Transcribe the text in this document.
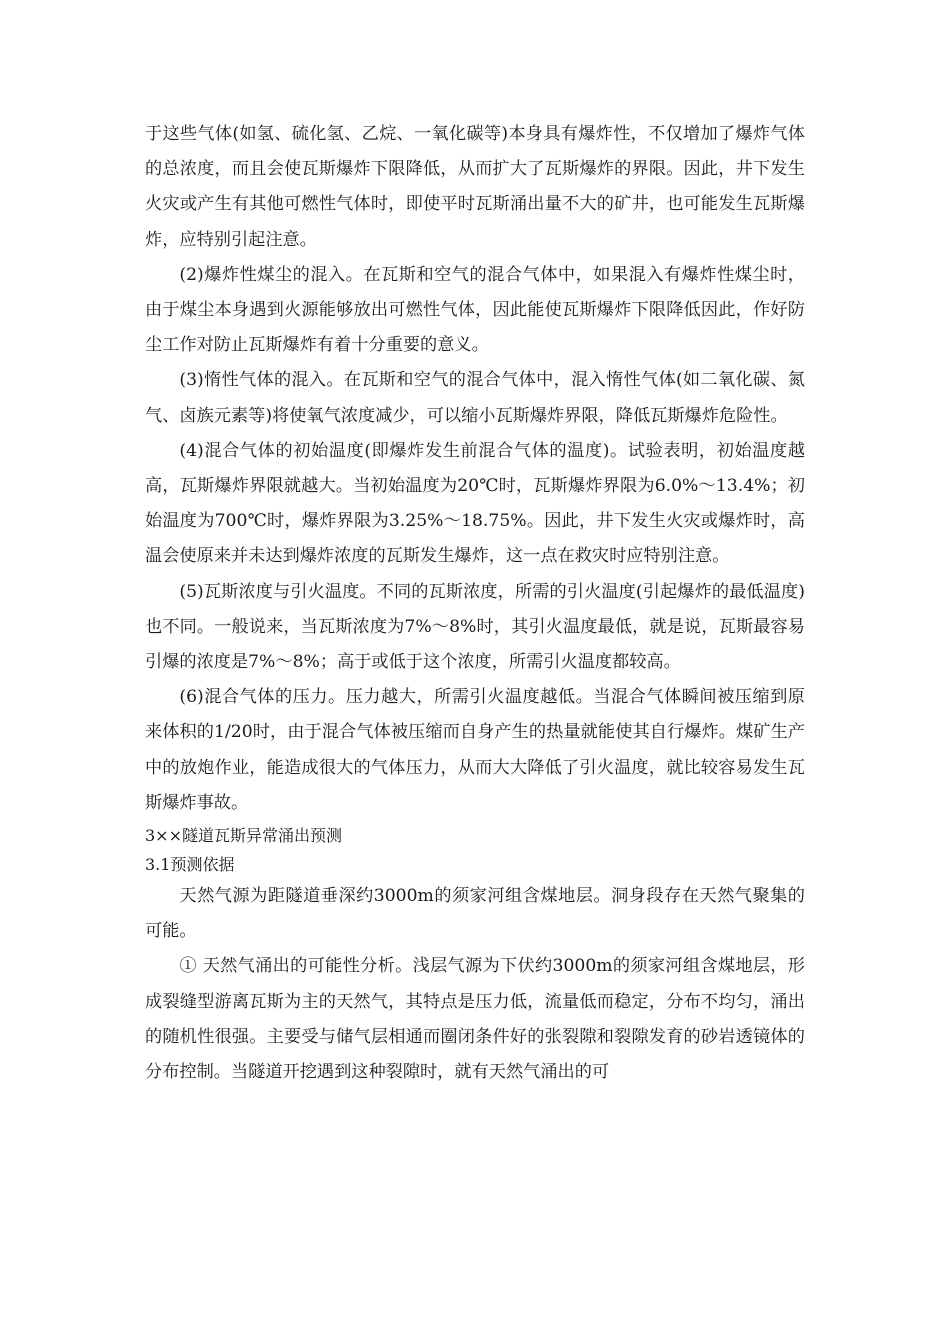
于这些气体(如氢、硫化氢、乙烷、一氧化碳等)本身具有爆炸性，不仅增加了爆炸气体的总浓度，而且会使瓦斯爆炸下限降低，从而扩大了瓦斯爆炸的界限。因此，井下发生火灾或产生有其他可燃性气体时，即使平时瓦斯涌出量不大的矿井，也可能发生瓦斯爆炸，应特别引起注意。

(2)爆炸性煤尘的混入。在瓦斯和空气的混合气体中，如果混入有爆炸性煤尘时，由于煤尘本身遇到火源能够放出可燃性气体，因此能使瓦斯爆炸下限降低因此，作好防尘工作对防止瓦斯爆炸有着十分重要的意义。

(3)惰性气体的混入。在瓦斯和空气的混合气体中，混入惰性气体(如二氧化碳、氮气、卤族元素等)将使氧气浓度减少，可以缩小瓦斯爆炸界限，降低瓦斯爆炸危险性。

(4)混合气体的初始温度(即爆炸发生前混合气体的温度)。试验表明，初始温度越高，瓦斯爆炸界限就越大。当初始温度为20℃时，瓦斯爆炸界限为6.0%～13.4%；初始温度为700℃时，爆炸界限为3.25%～18.75%。因此，井下发生火灾或爆炸时，高温会使原来并未达到爆炸浓度的瓦斯发生爆炸，这一点在救灾时应特别注意。

(5)瓦斯浓度与引火温度。不同的瓦斯浓度，所需的引火温度(引起爆炸的最低温度)也不同。一般说来，当瓦斯浓度为7%～8%时，其引火温度最低，就是说，瓦斯最容易引爆的浓度是7%～8%；高于或低于这个浓度，所需引火温度都较高。

(6)混合气体的压力。压力越大，所需引火温度越低。当混合气体瞬间被压缩到原来体积的1/20时，由于混合气体被压缩而自身产生的热量就能使其自行爆炸。煤矿生产中的放炮作业，能造成很大的气体压力，从而大大降低了引火温度，就比较容易发生瓦斯爆炸事故。

3××隧道瓦斯异常涌出预测

3.1预测依据

天然气源为距隧道垂深约3000m的须家河组含煤地层。洞身段存在天然气聚集的可能。

① 天然气涌出的可能性分析。浅层气源为下伏约3000m的须家河组含煤地层，形成裂缝型游离瓦斯为主的天然气，其特点是压力低，流量低而稳定，分布不均匀，涌出的随机性很强。主要受与储气层相通而圈闭条件好的张裂隙和裂隙发育的砂岩透镜体的分布控制。当隧道开挖遇到这种裂隙时，就有天然气涌出的可
